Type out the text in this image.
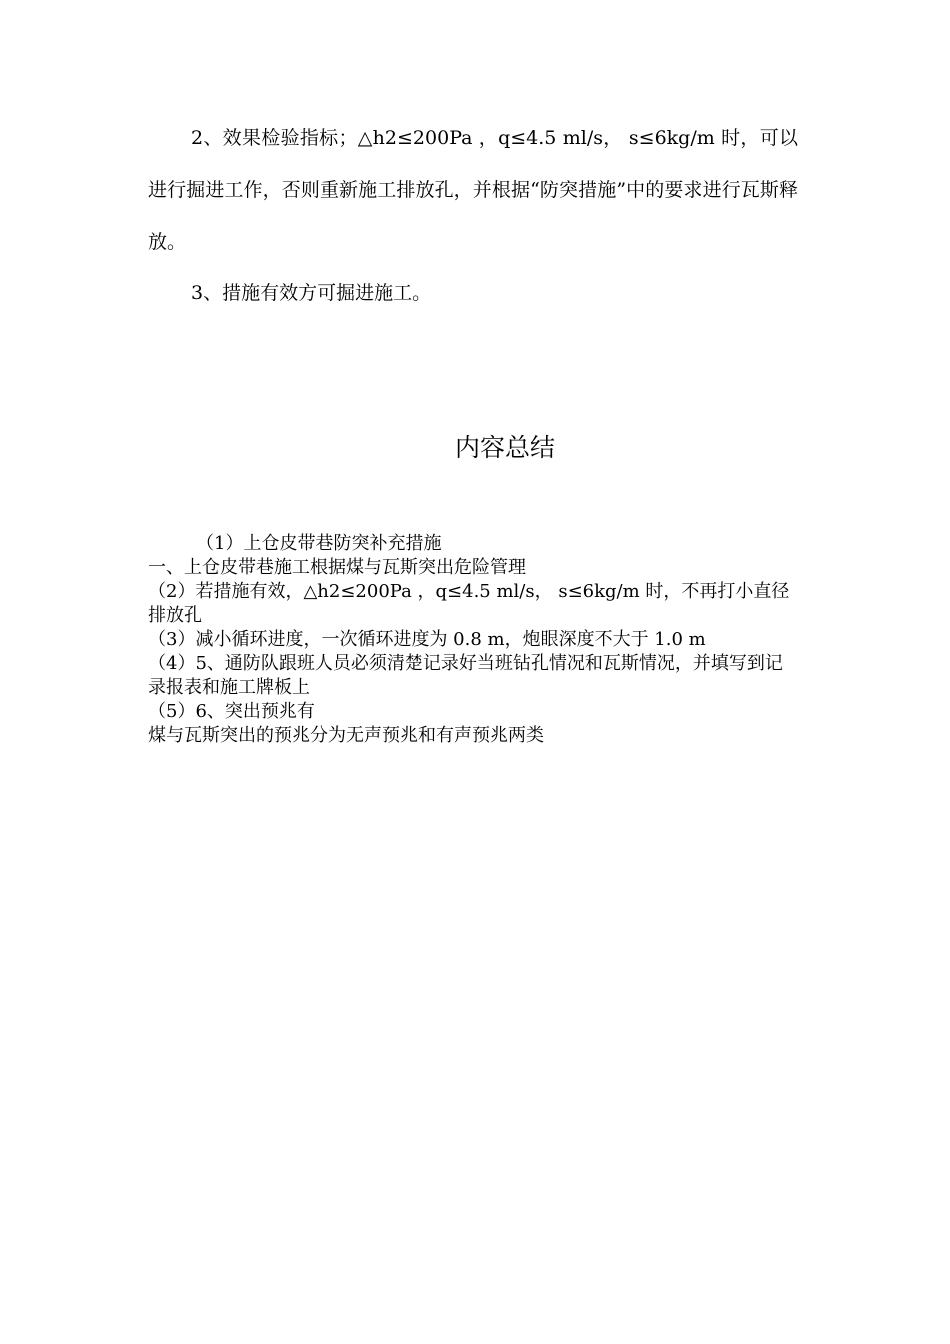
2、效果检验指标；△h2≤200Pa ，q≤4.5 ml/s， s≤6kg/m 时，可以进行掘进工作，否则重新施工排放孔，并根据“防突措施”中的要求进行瓦斯释放。

3、措施有效方可掘进施工。

内容总结
（1）上仓皮带巷防突补充措施
一、上仓皮带巷施工根据煤与瓦斯突出危险管理
（2）若措施有效，△h2≤200Pa ，q≤4.5 ml/s， s≤6kg/m 时，不再打小直径排放孔
（3）减小循环进度，一次循环进度为 0.8 m，炮眼深度不大于 1.0 m
（4）5、通防队跟班人员必须清楚记录好当班钻孔情况和瓦斯情况，并填写到记录报表和施工牌板上
（5）6、突出预兆有
煤与瓦斯突出的预兆分为无声预兆和有声预兆两类
